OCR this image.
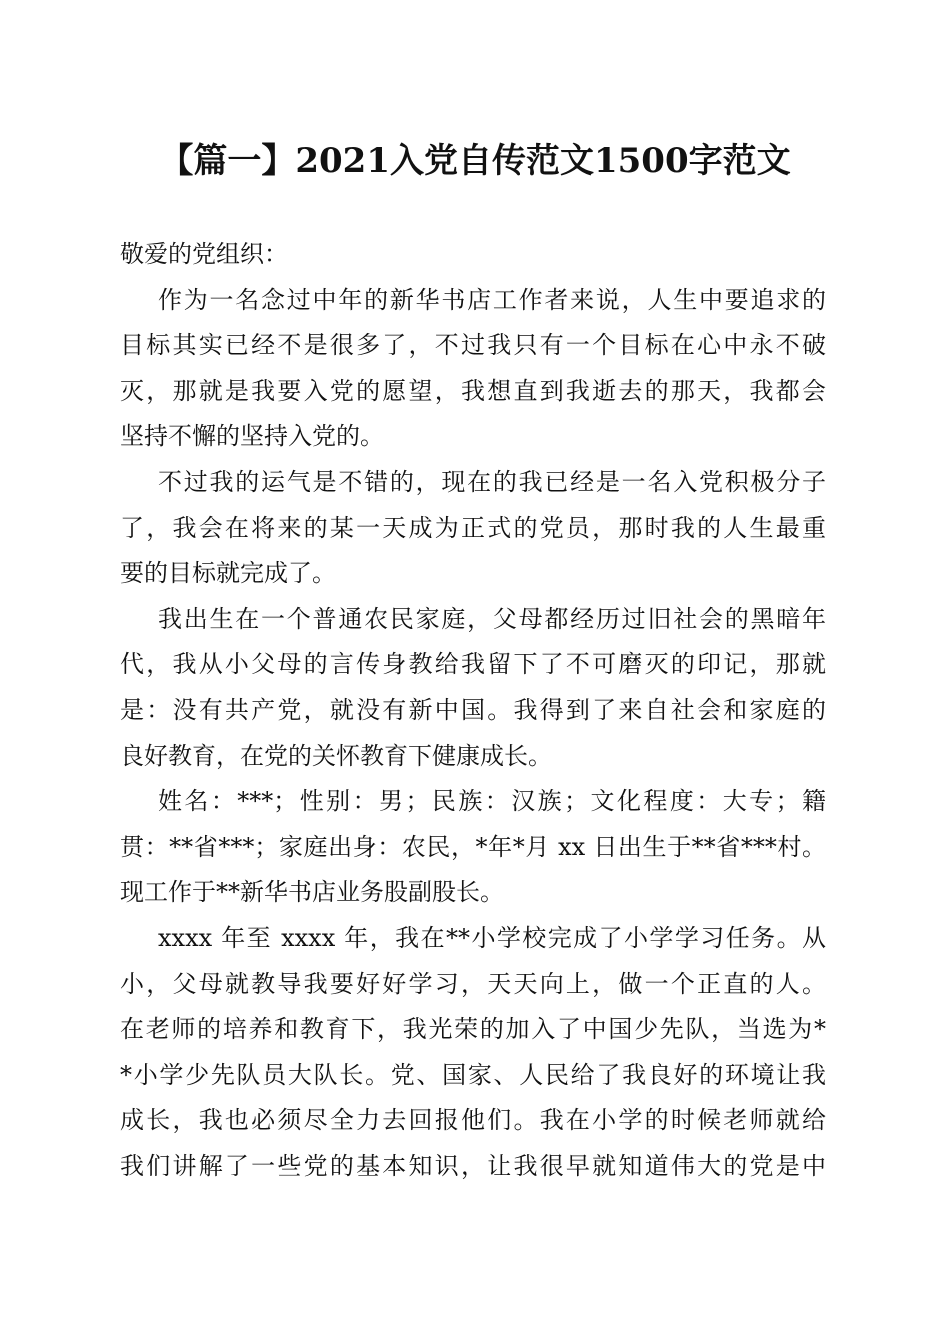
【篇一】2021入党自传范文1500字范文
敬爱的党组织：
作为一名念过中年的新华书店工作者来说，人生中要追求的
目标其实已经不是很多了，不过我只有一个目标在心中永不破
灭，那就是我要入党的愿望，我想直到我逝去的那天，我都会
坚持不懈的坚持入党的。
不过我的运气是不错的，现在的我已经是一名入党积极分子
了，我会在将来的某一天成为正式的党员，那时我的人生最重
要的目标就完成了。
我出生在一个普通农民家庭，父母都经历过旧社会的黑暗年
代，我从小父母的言传身教给我留下了不可磨灭的印记，那就
是：没有共产党，就没有新中国。我得到了来自社会和家庭的
良好教育，在党的关怀教育下健康成长。
姓名：***；性别：男；民族：汉族；文化程度：大专；籍
贯：**省***；家庭出身：农民，*年*月 xx 日出生于**省***村。
现工作于**新华书店业务股副股长。
xxxx 年至 xxxx 年，我在**小学校完成了小学学习任务。从
小，父母就教导我要好好学习，天天向上，做一个正直的人。
在老师的培养和教育下，我光荣的加入了中国少先队，当选为*
*小学少先队员大队长。党、国家、人民给了我良好的环境让我
成长，我也必须尽全力去回报他们。我在小学的时候老师就给
我们讲解了一些党的基本知识，让我很早就知道伟大的党是中
